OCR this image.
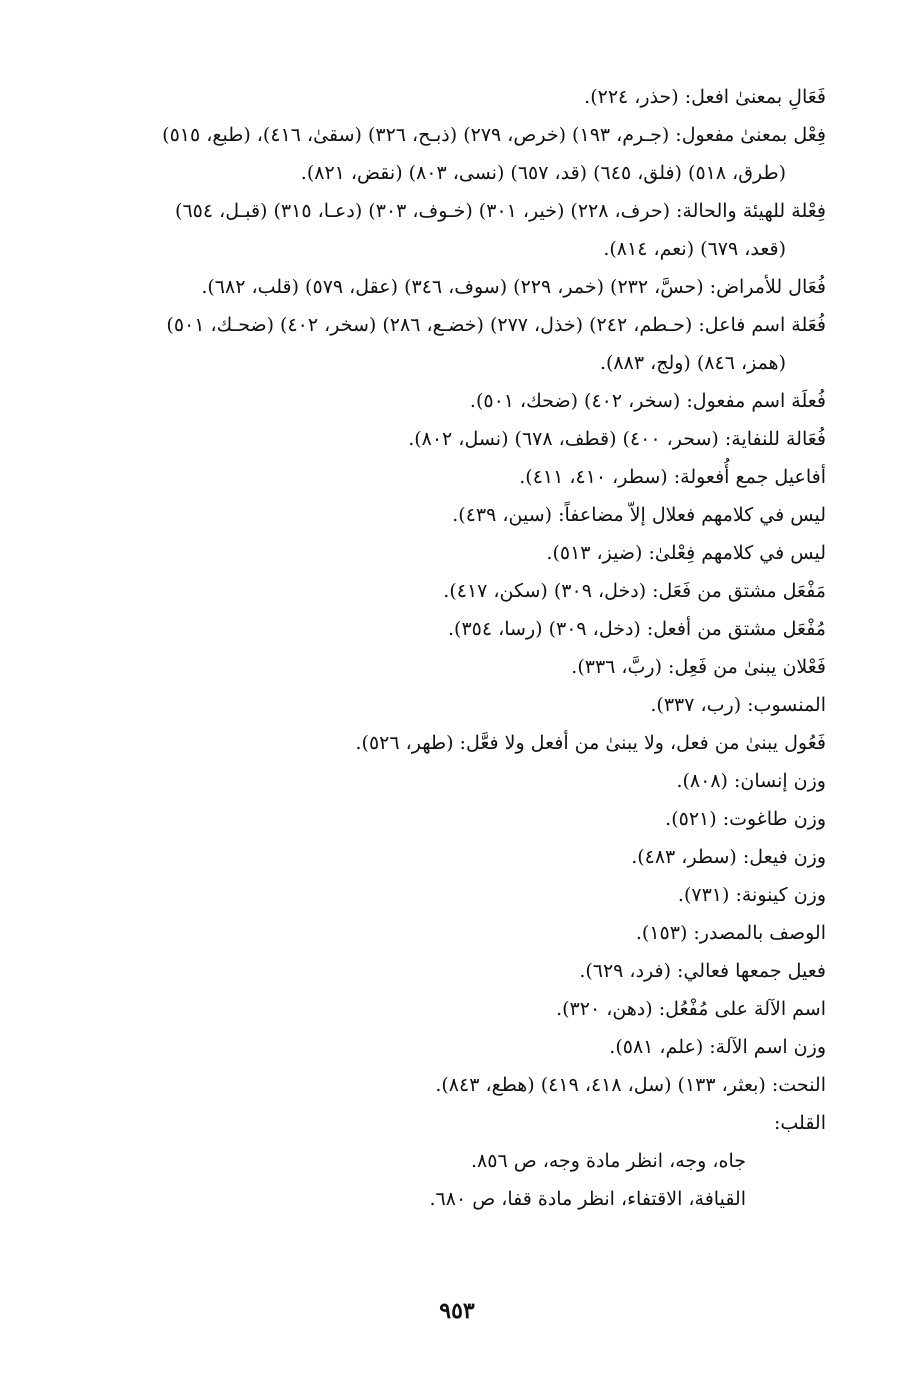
فَعَالِ بمعنىٰ افعل: (حذر، ٢٢٤).
فِعْل بمعنىٰ مفعول: (جـرم، ١٩٣) (خرص، ٢٧٩) (ذبـح، ٣٢٦) (سقىٰ، ٤١٦)، (طبع، ٥١٥)
(طرق، ٥١٨) (فلق، ٦٤٥) (قد، ٦٥٧) (نسى، ٨٠٣) (نقض، ٨٢١).
فِعْلة للهيئة والحالة: (حرف، ٢٢٨) (خير، ٣٠١) (خـوف، ٣٠٣) (دعـا، ٣١٥) (قبـل، ٦٥٤)
(قعد، ٦٧٩) (نعم، ٨١٤).
فُعَال للأمراض: (حسَّ، ٢٣٢) (خمر، ٢٢٩) (سوف، ٣٤٦) (عقل، ٥٧٩) (قلب، ٦٨٢).
فُعَلة اسم فاعل: (حـطم، ٢٤٢) (خذل، ٢٧٧) (خضـع، ٢٨٦) (سخر، ٤٠٢) (ضحـك، ٥٠١)
(همز، ٨٤٦) (ولج، ٨٨٣).
فُعلَة اسم مفعول: (سخر، ٤٠٢) (ضحك، ٥٠١).
فُعَالة للنفاية: (سحر، ٤٠٠) (قطف، ٦٧٨) (نسل، ٨٠٢).
أفاعيل جمع أُفعولة: (سطر، ٤١٠، ٤١١).
ليس في كلامهم فعلال إلاّ مضاعفاً: (سين، ٤٣٩).
ليس في كلامهم فِعْلىٰ: (ضيز، ٥١٣).
مَفْعَل مشتق من فَعَل: (دخل، ٣٠٩) (سكن، ٤١٧).
مُفْعَل مشتق من أفعل: (دخل، ٣٠٩) (رسا، ٣٥٤).
فَعْلان يبنىٰ من فَعِل: (ربَّ، ٣٣٦).
المنسوب: (رب، ٣٣٧).
فَعُول يبنىٰ من فعل، ولا يبنىٰ من أفعل ولا فعَّل: (طهر، ٥٢٦).
وزن إنسان: (٨٠٨).
وزن طاغوت: (٥٢١).
وزن فيعل: (سطر، ٤٨٣).
وزن كينونة: (٧٣١).
الوصف بالمصدر: (١٥٣).
فعيل جمعها فعالي: (فرد، ٦٢٩).
اسم الآلة على مُفْعُل: (دهن، ٣٢٠).
وزن اسم الآلة: (علم، ٥٨١).
النحت: (بعثر، ١٣٣) (سل، ٤١٨، ٤١٩) (هطع، ٨٤٣).
القلب:
جاه، وجه، انظر مادة وجه، ص ٨٥٦.
القيافة، الاقتفاء، انظر مادة قفا، ص ٦٨٠.
٩٥٣
